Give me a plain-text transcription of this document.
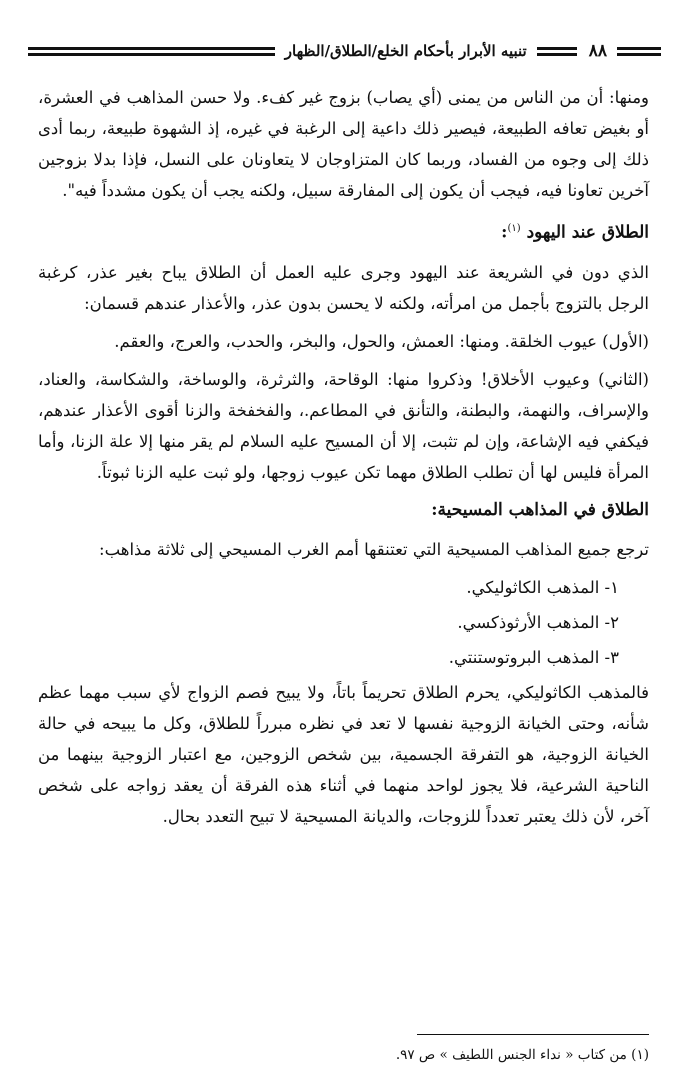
٨٨
تنبيه الأبرار بأحكام الخلع/الطلاق/الظهار

ومنها: أن من الناس من يمنى (أي يصاب) بزوج غير كفء. ولا حسن المذاهب في العشرة، أو بغيض تعافه الطبيعة، فيصير ذلك داعية إلى الرغبة في غيره، إذ الشهوة طبيعة، ربما أدى ذلك إلى وجوه من الفساد، وربما كان المتزاوجان لا يتعاونان على النسل، فإذا بدلا بزوجين آخرين تعاونا فيه، فيجب أن يكون إلى المفارقة سبيل، ولكنه يجب أن يكون مشدداً فيه".

الطلاق عند اليهود $^{(١)}$:

الذي دون في الشريعة عند اليهود وجرى عليه العمل أن الطلاق يباح بغير عذر، كرغبة الرجل بالتزوج بأجمل من امرأته، ولكنه لا يحسن بدون عذر، والأعذار عندهم قسمان:

(الأول) عيوب الخلقة. ومنها: العمش، والحول، والبخر، والحدب، والعرج، والعقم.

(الثاني) وعيوب الأخلاق! وذكروا منها: الوقاحة، والثرثرة، والوساخة، والشكاسة، والعناد، والإسراف، والنهمة، والبطنة، والتأنق في المطاعم.، والفخفخة والزنا أقوى الأعذار عندهم، فيكفي فيه الإشاعة، وإن لم تثبت، إلا أن المسيح عليه السلام لم يقر منها إلا علة الزنا، وأما المرأة فليس لها أن تطلب الطلاق مهما تكن عيوب زوجها، ولو ثبت عليه الزنا ثبوتاً.

الطلاق في المذاهب المسيحية:

ترجع جميع المذاهب المسيحية التي تعتنقها أمم الغرب المسيحي إلى ثلاثة مذاهب:

١- المذهب الكاثوليكي.

٢- المذهب الأرثوذكسي.

٣- المذهب البروتوستنتي.

فالمذهب الكاثوليكي، يحرم الطلاق تحريماً باتاً، ولا يبيح فصم الزواج لأي سبب مهما عظم شأنه، وحتى الخيانة الزوجية نفسها لا تعد في نظره مبرراً للطلاق، وكل ما يبيحه في حالة الخيانة الزوجية، هو التفرقة الجسمية، بين شخص الزوجين، مع اعتبار الزوجية بينهما من الناحية الشرعية، فلا يجوز لواحد منهما في أثناء هذه الفرقة أن يعقد زواجه على شخص آخر، لأن ذلك يعتبر تعدداً للزوجات، والديانة المسيحية لا تبيح التعدد بحال.

(١) من كتاب « نداء الجنس اللطيف » ص ٩٧.
